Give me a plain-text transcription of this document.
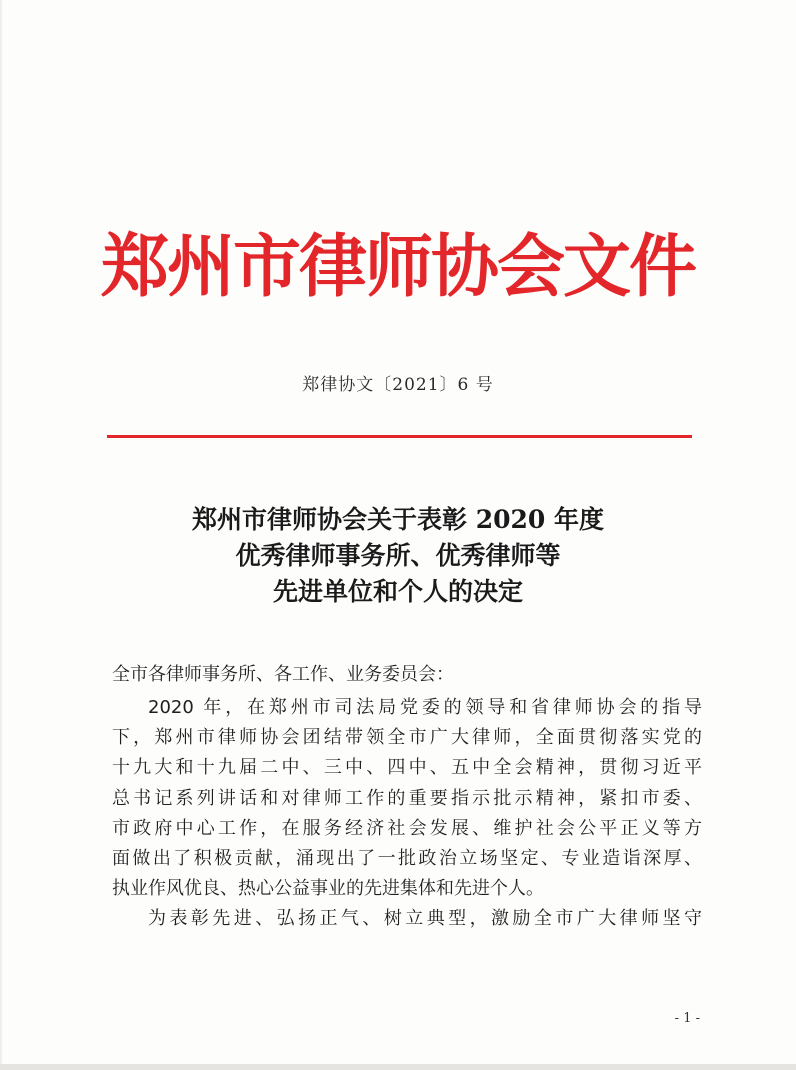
郑州市律师协会文件
郑律协文〔2021〕6 号
郑州市律师协会关于表彰 2020 年度
优秀律师事务所、优秀律师等
先进单位和个人的决定
全市各律师事务所、各工作、业务委员会：
2020 年，在郑州市司法局党委的领导和省律师协会的指导
下，郑州市律师协会团结带领全市广大律师，全面贯彻落实党的
十九大和十九届二中、三中、四中、五中全会精神，贯彻习近平
总书记系列讲话和对律师工作的重要指示批示精神，紧扣市委、
市政府中心工作，在服务经济社会发展、维护社会公平正义等方
面做出了积极贡献，涌现出了一批政治立场坚定、专业造诣深厚、
执业作风优良、热心公益事业的先进集体和先进个人。
为表彰先进、弘扬正气、树立典型，激励全市广大律师坚守
- 1 -
